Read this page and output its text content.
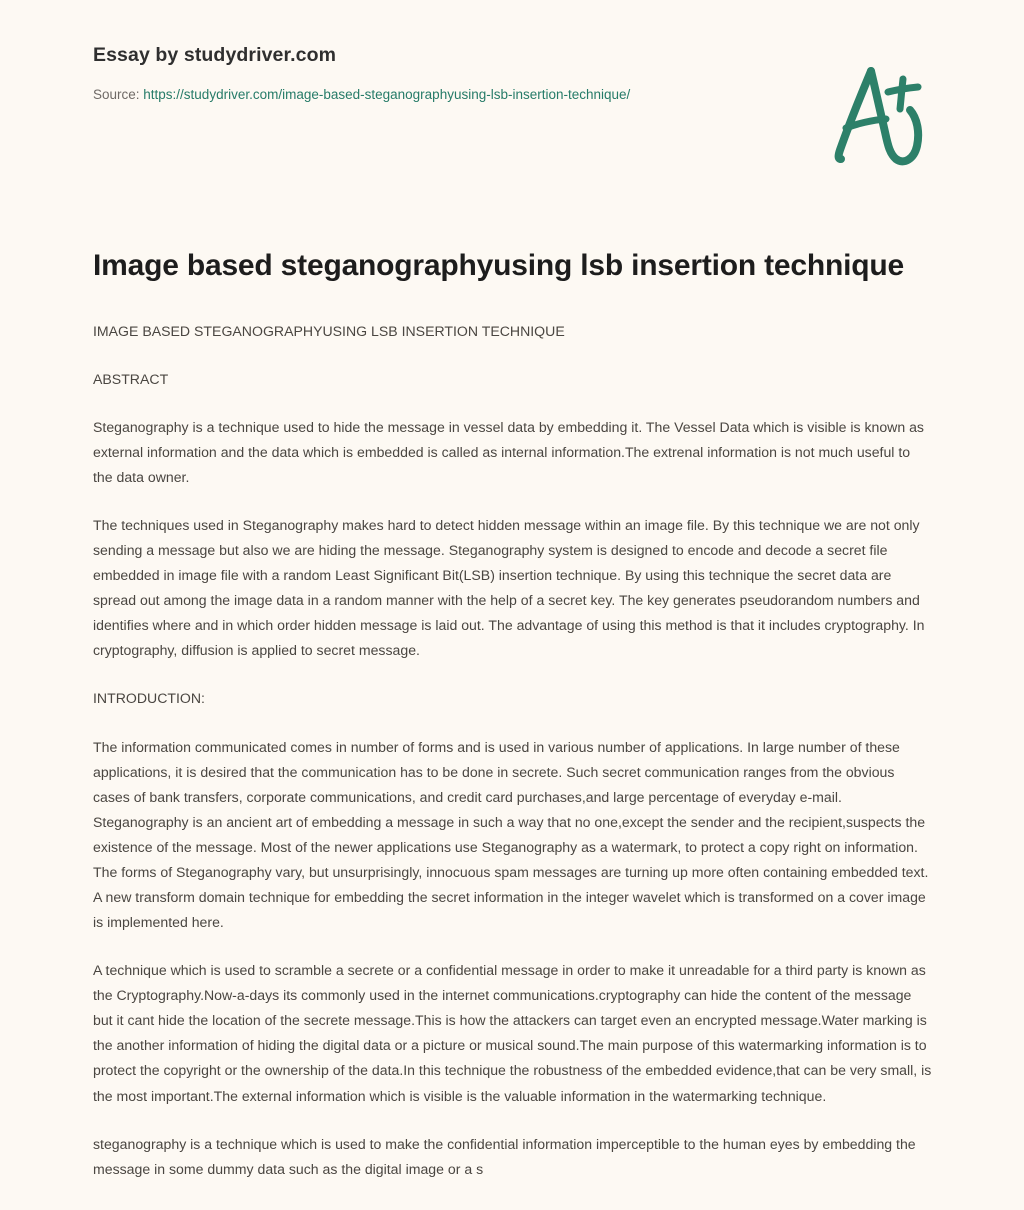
Essay by studydriver.com
Source: https://studydriver.com/image-based-steganographyusing-lsb-insertion-technique/
Image based steganographyusing lsb insertion technique

IMAGE BASED STEGANOGRAPHYUSING LSB INSERTION TECHNIQUE

ABSTRACT

Steganography is a technique used to hide the message in vessel data by embedding it. The Vessel Data which is visible is known as external information and the data which is embedded is called as internal information.The extrenal information is not much useful to the data owner.

The techniques used in Steganography makes hard to detect hidden message within an image file. By this technique we are not only sending a message but also we are hiding the message. Steganography system is designed to encode and decode a secret file embedded in image file with a random Least Significant Bit(LSB) insertion technique. By using this technique the secret data are spread out among the image data in a random manner with the help of a secret key. The key generates pseudorandom numbers and identifies where and in which order hidden message is laid out. The advantage of using this method is that it includes cryptography. In cryptography, diffusion is applied to secret message.

INTRODUCTION:

The information communicated comes in number of forms and is used in various number of applications. In large number of these applications, it is desired that the communication has to be done in secrete. Such secret communication ranges from the obvious cases of bank transfers, corporate communications, and credit card purchases,and large percentage of everyday e-mail. Steganography is an ancient art of embedding a message in such a way that no one,except the sender and the recipient,suspects the existence of the message. Most of the newer applications use Steganography as a watermark, to protect a copy right on information. The forms of Steganography vary, but unsurprisingly, innocuous spam messages are turning up more often containing embedded text. A new transform domain technique for embedding the secret information in the integer wavelet which is transformed on a cover image is implemented here.

A technique which is used to scramble a secrete or a confidential message in order to make it unreadable for a third party is known as the Cryptography.Now-a-days its commonly used in the internet communications.cryptography can hide the content of the message but it cant hide the location of the secrete message.This is how the attackers can target even an encrypted message.Water marking is the another information of hiding the digital data or a picture or musical sound.The main purpose of this watermarking information is to protect the copyright or the ownership of the data.In this technique the robustness of the embedded evidence,that can be very small, is the most important.The external information which is visible is the valuable information in the watermarking technique.

steganography is a technique which is used to make the confidential information imperceptible to the human eyes by embedding the message in some dummy data such as the digital image or a s
